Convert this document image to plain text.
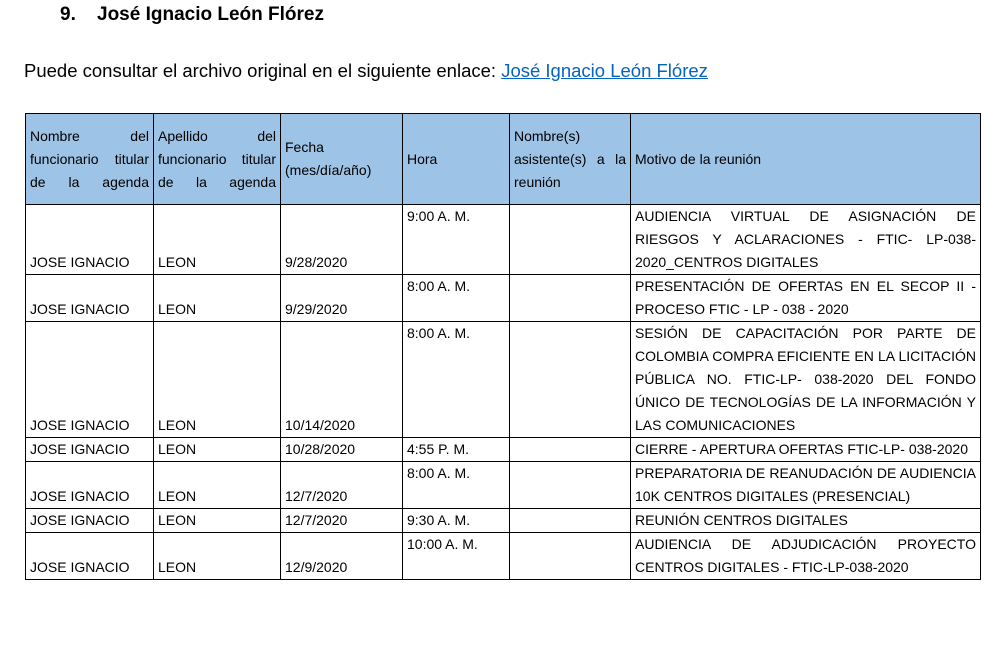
9. José Ignacio León Flórez
Puede consultar el archivo original en el siguiente enlace: José Ignacio León Flórez
Nombre del funcionario titular de la agenda	Apellido del funcionario titular de la agenda	Fecha (mes/día/año)	Hora	Nombre(s) asistente(s) a la reunión	Motivo de la reunión
JOSE IGNACIO	LEON	9/28/2020	9:00 A. M.		AUDIENCIA VIRTUAL DE ASIGNACIÓN DE RIESGOS Y ACLARACIONES - FTIC- LP-038-2020_CENTROS DIGITALES
JOSE IGNACIO	LEON	9/29/2020	8:00 A. M.		PRESENTACIÓN DE OFERTAS EN EL SECOP II - PROCESO FTIC - LP - 038 - 2020
JOSE IGNACIO	LEON	10/14/2020	8:00 A. M.		SESIÓN DE CAPACITACIÓN POR PARTE DE COLOMBIA COMPRA EFICIENTE EN LA LICITACIÓN PÚBLICA NO. FTIC-LP- 038-2020 DEL FONDO ÚNICO DE TECNOLOGÍAS DE LA INFORMACIÓN Y LAS COMUNICACIONES
JOSE IGNACIO	LEON	10/28/2020	4:55 P. M.		CIERRE - APERTURA OFERTAS FTIC-LP- 038-2020
JOSE IGNACIO	LEON	12/7/2020	8:00 A. M.		PREPARATORIA DE REANUDACIÓN DE AUDIENCIA 10K CENTROS DIGITALES (PRESENCIAL)
JOSE IGNACIO	LEON	12/7/2020	9:30 A. M.		REUNIÓN CENTROS DIGITALES
JOSE IGNACIO	LEON	12/9/2020	10:00 A. M.		AUDIENCIA DE ADJUDICACIÓN PROYECTO CENTROS DIGITALES - FTIC-LP-038-2020
